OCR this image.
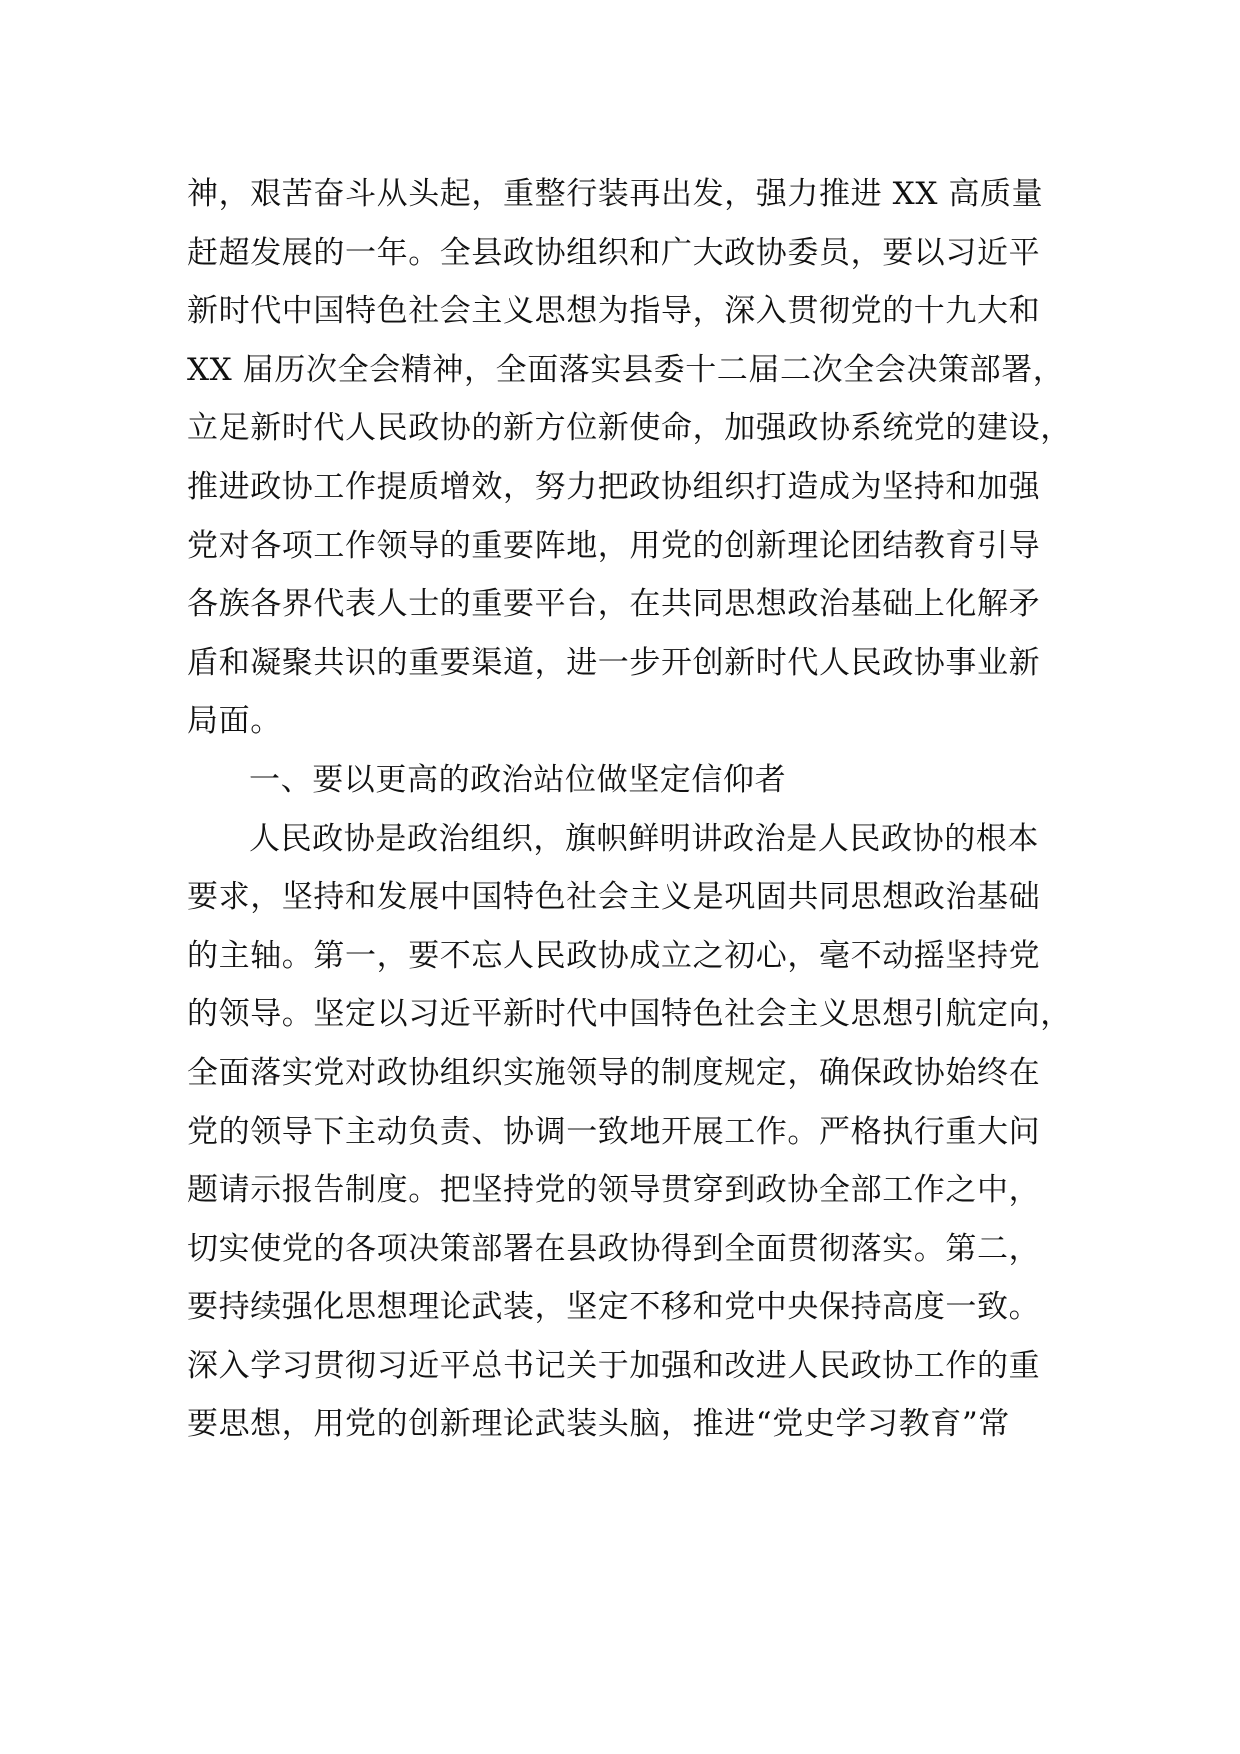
神，艰苦奋斗从头起，重整行装再出发，强力推进 XX 高质量
赶超发展的一年。全县政协组织和广大政协委员，要以习近平
新时代中国特色社会主义思想为指导，深入贯彻党的十九大和
XX 届历次全会精神，全面落实县委十二届二次全会决策部署，
立足新时代人民政协的新方位新使命，加强政协系统党的建设，
推进政协工作提质增效，努力把政协组织打造成为坚持和加强
党对各项工作领导的重要阵地，用党的创新理论团结教育引导
各族各界代表人士的重要平台，在共同思想政治基础上化解矛
盾和凝聚共识的重要渠道，进一步开创新时代人民政协事业新
局面。
一、要以更高的政治站位做坚定信仰者
人民政协是政治组织，旗帜鲜明讲政治是人民政协的根本
要求，坚持和发展中国特色社会主义是巩固共同思想政治基础
的主轴。第一，要不忘人民政协成立之初心，毫不动摇坚持党
的领导。坚定以习近平新时代中国特色社会主义思想引航定向，
全面落实党对政协组织实施领导的制度规定，确保政协始终在
党的领导下主动负责、协调一致地开展工作。严格执行重大问
题请示报告制度。把坚持党的领导贯穿到政协全部工作之中，
切实使党的各项决策部署在县政协得到全面贯彻落实。第二，
要持续强化思想理论武装，坚定不移和党中央保持高度一致。
深入学习贯彻习近平总书记关于加强和改进人民政协工作的重
要思想，用党的创新理论武装头脑，推进“党史学习教育”常
